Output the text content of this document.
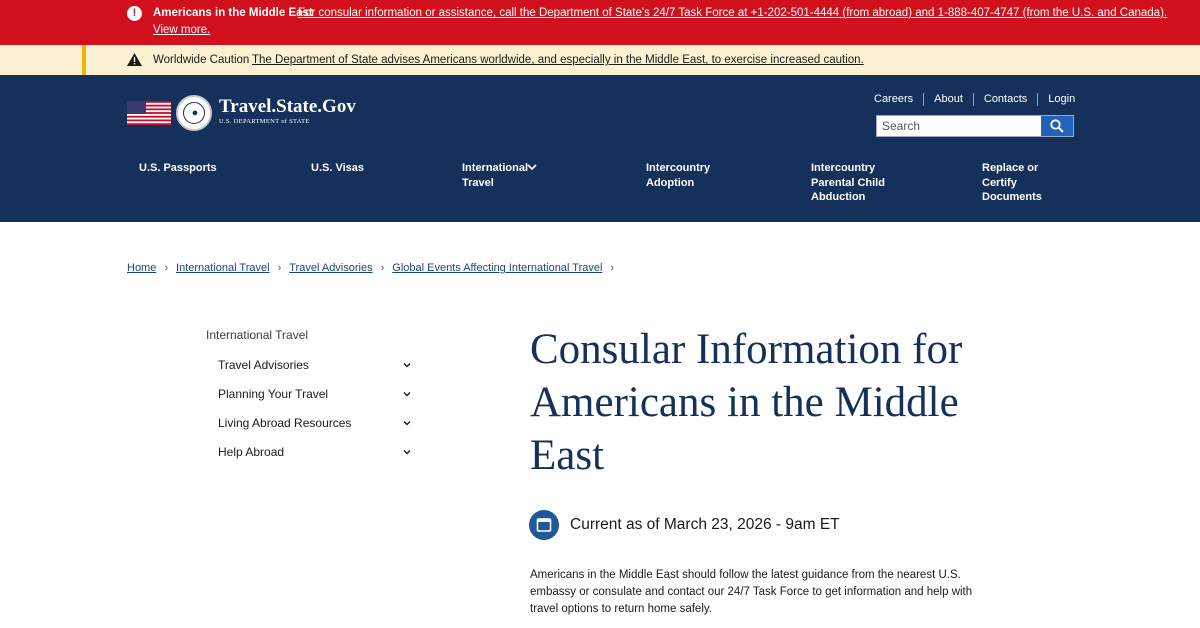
!	Americans in the Middle East
For consular information or assistance, call the Department of State's 24/7 Task Force at +1-202-501-4444 (from abroad) and 1-888-407-4747 (from the U.S. and Canada).
View more.
Worldwide Caution The Department of State advises Americans worldwide, and especially in the Middle East, to exercise increased caution.
● Travel.State.Gov
U.S. DEPARTMENT of STATE
Careers About Contacts Login
Search
U.S. Passports	U.S. Visas	International Travel
Intercountry Adoption
Intercountry Parental Child Abduction
Replace or Certify Documents
Home › International Travel › Travel Advisories › Global Events Affecting International Travel ›
International Travel
Travel Advisories
Planning Your Travel
Living Abroad Resources
Help Abroad
Consular Information for Americans in the Middle East
Current as of March 23, 2026 - 9am ET

Americans in the Middle East should follow the latest guidance from the nearest U.S. embassy or consulate and contact our 24/7 Task Force to get information and help with travel options to return home safely.
